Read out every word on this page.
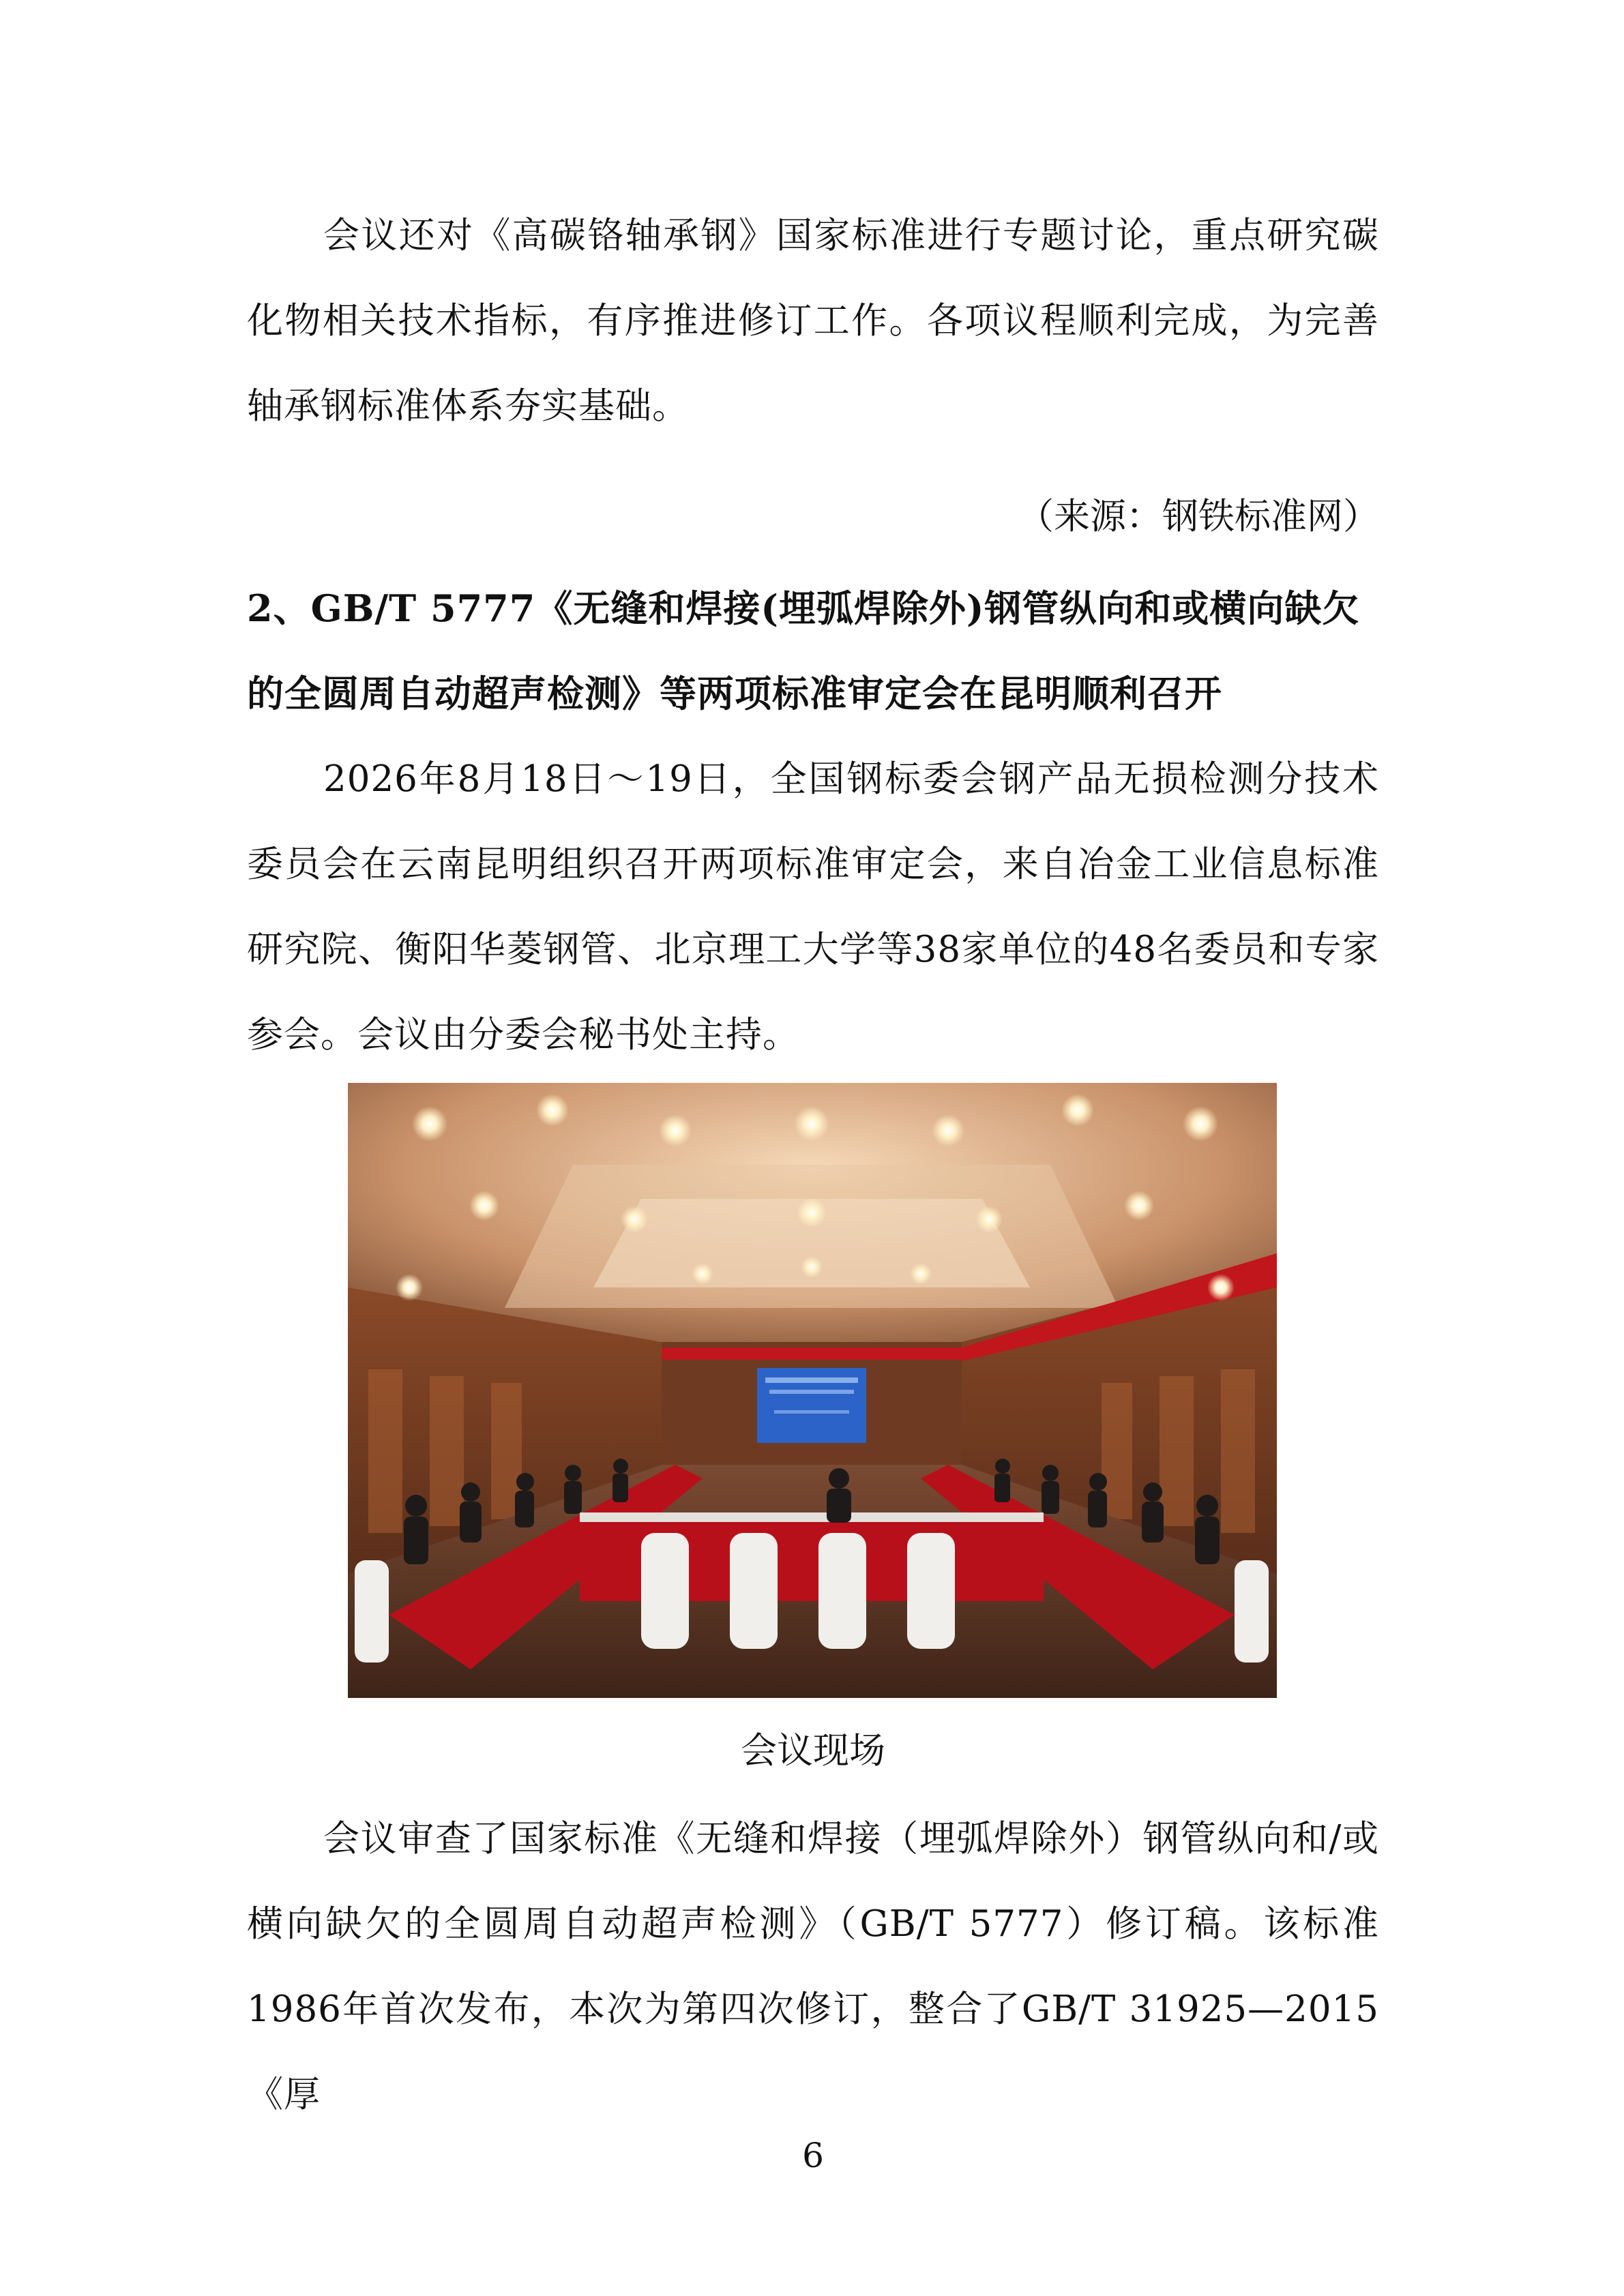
会议还对《高碳铬轴承钢》国家标准进行专题讨论，重点研究碳化物相关技术指标，有序推进修订工作。各项议程顺利完成，为完善轴承钢标准体系夯实基础。

（来源：钢铁标准网）

2、GB/T 5777《无缝和焊接(埋弧焊除外)钢管纵向和或横向缺欠的全圆周自动超声检测》等两项标准审定会在昆明顺利召开

2026年8月18日～19日，全国钢标委会钢产品无损检测分技术委员会在云南昆明组织召开两项标准审定会，来自冶金工业信息标准研究院、衡阳华菱钢管、北京理工大学等38家单位的48名委员和专家参会。会议由分委会秘书处主持。

会议现场

会议审查了国家标准《无缝和焊接（埋弧焊除外）钢管纵向和/或横向缺欠的全圆周自动超声检测》（GB/T 5777）修订稿。该标准1986年首次发布，本次为第四次修订，整合了GB/T 31925—2015《厚

6
